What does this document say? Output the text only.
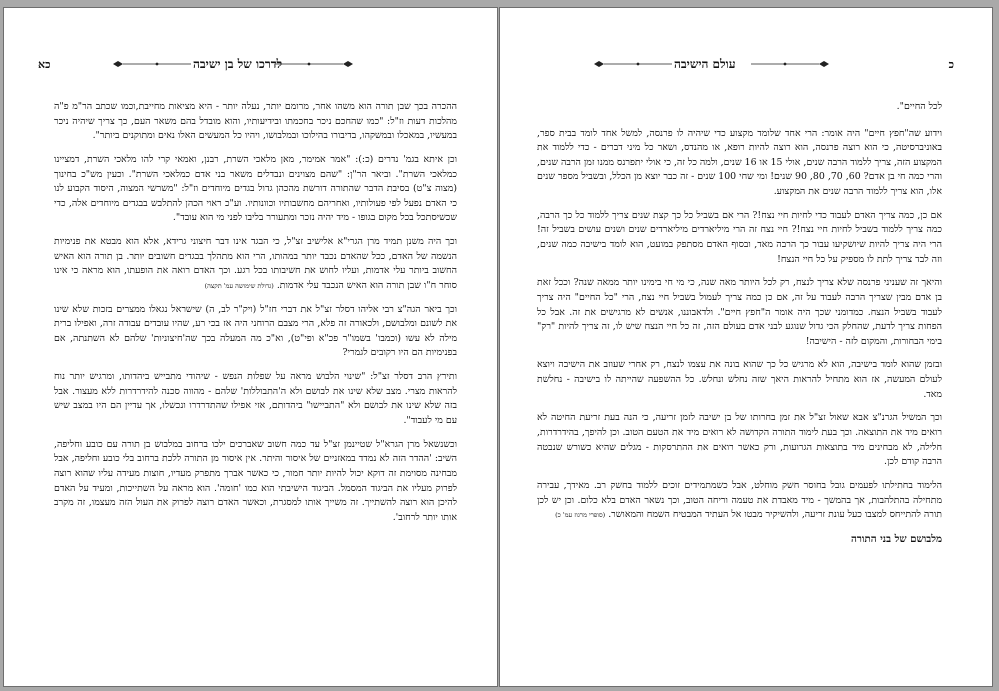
כא	לדרכו של בן ישיבה

ההכרה בכך שבן תורה הוא משהו אחר, מרומם יותר, נעלה יותר - היא מציאות מחייבת,וכמו שכתב הר"מ פ"ה מהלכות דעות וז"ל: "כמו שהחכם ניכר בחכמתו ובידיעותיו, והוא מובדל בהם משאר העם, כך צריך שיהיה ניכר במעשיו, במאכלו ובמשקהו, בדיבורו בהילוכו ובמלבושו, ויהיו כל המעשים האלו נאים ומתוקנים ביותר".

וכן איתא בגמ' נדרים (כ:): "אמר אמימר, מאן מלאכי השרת, רבנן, ואמאי קרי להו מלאכי השרת, דמציינו כמלאכי השרת". וביאר הר"ן: "שהם מצוינים ונבדלים משאר בני אדם כמלאכי השרת". וכעין מש"כ בחינוך (מצוה צ"ט) בסיבת הדבר שהתורה דורשת מהכהן גדול בגדים מיוחדים וז"ל: "משרשי המצוה, היסוד הקבוע לנו כי האדם נפעל לפי פעולותיו, ואחריהם מחשבותיו וכוונותיו. וע"כ ראוי הכהן להתלבש בבגדים מיוחדים אלה, כדי שכשיסתכל בכל מקום בגופו - מיד יהיה נזכר ומתעורר בליבו לפני מי הוא עובד".

וכך היה משנן תמיד מרן הגרי"א אלישיב זצ"ל, כי הבגד אינו דבר חיצוני גרידא, אלא הוא מבטא את פנימיות הנשמה של האדם, ככל שהאדם נכבד יותר במהותו, הרי הוא מתהלך בבגדים חשובים יותר. בן תורה הוא האיש החשוב ביותר עלי אדמות, ועליו לחוש את חשיבותו בכל רגע. וכך האדם רואה את הופעתו, הוא מראה כי אינו סוחר ח"ו שבן תורה הוא האיש הנכבד עלי אדמות. (גדולת שימושה עמ' תקצה)

וכך ביאר הגה"צ רבי אליהו דסלר זצ"ל את דברי חז"ל (ויק"ר לב, ה) שישראל נגאלו ממצרים בזכות שלא שינו את לשונם ומלבושם, ולכאורה זה פלא, הרי מצבם הרוחני היה אז בכי רע, שהיו עובדים עבודה זרה, ואפילו ברית מילה לא עשו (וכמבו' בשמו"ר פכ"א ופי"ט), וא"כ מה המעלה בכך שה'חיצוניות' שלהם לא השתנתה, אם בפנימיות הם היו רקובים לגמרי?

ותירץ הרב דסלר זצ"ל: "שינוי הלבוש מראה על שפלות הנפש - שיהודי מתבייש ביהדותו, ומרגיש יותר נוח להראות מצרי. מצב שלא שינו את לבושם ולא ה'התבוללות' שלהם - מהווה סכנה להידרדרות ללא מעצור. אבל בזה שלא שינו את לבושם ולא "התביישו" ביהדותם, אזי אפילו שהתדרדרו ונכשלו, אך עדיין הם היו במצב שיש עם מי לעבוד".

וכשנשאל מרן הגרא"ל שטיינמן זצ"ל עד כמה חשוב שאברכים ילכו ברחוב במלבוש בן תורה עם כובע וחליפה, השיב: 'ההדר הזה לא נמדד במאזניים של איסור והיתר. אין איסור מן התורה ללכת ברחוב בלי כובע וחליפה, אבל מבחינה מסוימת זה דוקא יכול להיות יותר חמור, כי כאשר אברך מתפרק מעדיו, חוצות מעידה עליו שהוא רוצה לפרוק מעליו את הביגוד המסמל. הביגוד הישיבתי הוא כמו 'חומה'. הוא מראה על השתייכות, ומעיד על האדם להיכן הוא רוצה להשתייך. זה משייך אותו למסגרת, וכאשר האדם רוצה לפרוק את העול הזה מעצמו, זה מקרב אותו יותר לרחוב'.

כ
עולם הישיבה

לכל החיים".

וידוע שה"חפץ חיים" היה אומר: הרי אחד שלומד מקצוע כדי שיהיה לו פרנסה, למשל אחד לומד בבית ספר, באוניברסיטה, כי הוא רוצה פרנסה, הוא רוצה להיות רופא, או מהנדס, ושאר כל מיני דברים - כדי ללמוד את המקצוע הזה, צריך ללמוד הרבה שנים, אולי 15 או 16 שנים, ולמה כל זה, כי אולי יתפרנס ממנו זמן הרבה שנים, והרי כמה חי בן אדם? 60, 70, 80, 90 שנים! ומי שחי 100 שנים - זה כבר יוצא מן הכלל, ובשביל מספר שנים אלו, הוא צריך ללמוד הרבה שנים את המקצוע.

אם כן, כמה צריך האדם לעבוד כדי לחיות חיי נצח!? הרי אם בשביל כל כך קצת שנים צריך ללמוד כל כך הרבה, כמה צריך ללמוד בשביל לחיות חיי נצח!? חיי נצח זה הרי מיליארדים מיליארדים שנים ושנים עושים בשביל זה! הרי היה צריך להיות שיושקיעו עבור כך הרבה מאד, ובסוף האדם מסתפק במועט, הוא לומד בישיבה כמה שנים, וזה לבד צריך לתת לו מספיק על כל חיי הנצח!

והיאך זה שעניני פרנסה שלא צריך לנצח, רק לכל היותר מאה שנה, כי מי חי בימינו יותר ממאה שנה? וככל זאת בן אדם מבין שצריך הרבה לעבוד על זה, אם כן כמה צריך לעמול בשביל חיי נצח, הרי "כל החיים" היה צריך לעבוד בשביל הנצח. כמדומני שכך היה אומר ה"חפץ חיים". ולדאבוננו, אנשים לא מרגישים את זה. אבל כל הפחות צריך לדעת, שהחלק הכי גדול שנוגע לבני אדם בעולם הזה, זה כל חיי הנצח שיש לו, זה צריך להיות "רק" בימי הבחורות, והמקום לזה - הישיבה!

ובזמן שהוא לומד בישיבה, הוא לא מרגיש כל כך שהוא בונה את עצמו לנצח, רק אחרי שעוזב את הישיבה ויוצא לעולם המעשה, אז הוא מתחיל להראות היאך שזה נחלש ונחלש. כל ההשפעה שהייתה לו בישיבה - נחלשת מאד.

וכך המשיל הגרנ"צ אבא שאול זצ"ל את זמן בחרותו של בן ישיבה לזמן זריעה, כי הנה בעת זריעת החיטה לא רואים מיד את התוצאה. וכך בעת לימוד התורה הקדושה לא רואים מיד את הטעם הטוב. וכן להיפך, בהידרדרות, חלילה, לא מבחינים מיד בתוצאות הגרועות, ורק כאשר רואים את ההתרסקות - מגלים שהיא כשורש שנבטה הרבה קודם לכן.

הלימוד בחתילתו לפעמים גובל בחוסר חשק מוחלט, אבל כשמתמידים זוכים ללמוד בחשק רב. מאידך, עבירה מתחילה בהתלהבות, אך בהמשך - מיד מאבדת את טעמה וריחה הטוב, וכך נשאר האדם בלא כלום. וכן יש לכן תורה להתייחס למצבו כעל עונת זריעה, ולהשיקיר מבטו אל העתיד המבטיח השמח והמאושר. (סופרי מרגוז עמ' כ)

מלבושם של בני התורה
